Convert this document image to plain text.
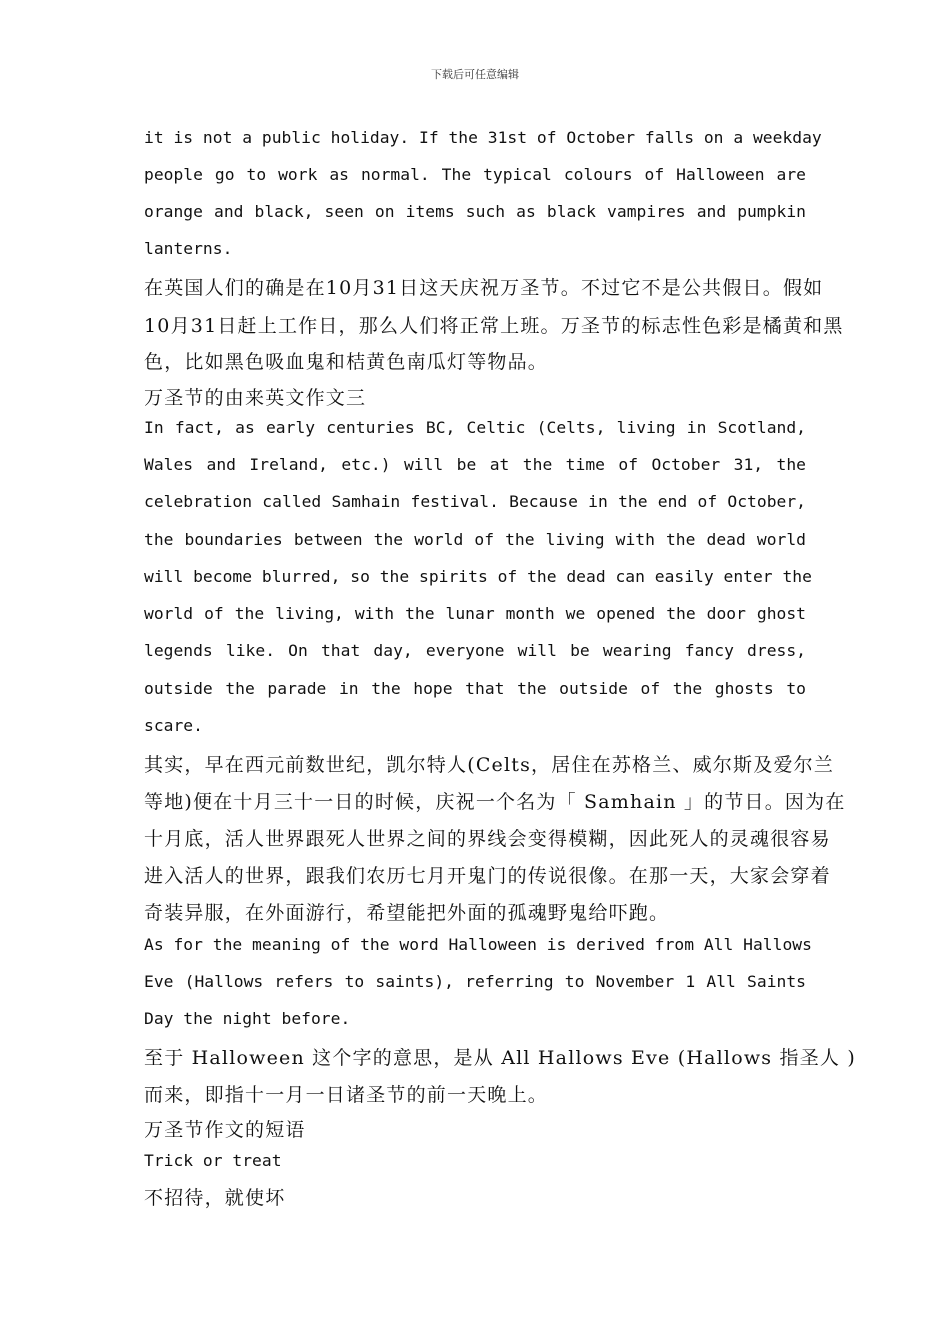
下载后可任意编辑
it is not a public holiday. If the 31st of October falls on a weekday
people go to work as normal. The typical colours of Halloween are
orange and black, seen on items such as black vampires and pumpkin
lanterns.
在英国人们的确是在10月31日这天庆祝万圣节。不过它不是公共假日。假如
10月31日赶上工作日，那么人们将正常上班。万圣节的标志性色彩是橘黄和黑
色，比如黑色吸血鬼和桔黄色南瓜灯等物品。
万圣节的由来英文作文三
In fact, as early centuries BC, Celtic (Celts, living in Scotland,
Wales and Ireland, etc.) will be at the time of October 31, the
celebration called Samhain festival. Because in the end of October,
the boundaries between the world of the living with the dead world
will become blurred, so the spirits of the dead can easily enter the
world of the living, with the lunar month we opened the door ghost
legends like. On that day, everyone will be wearing fancy dress,
outside the parade in the hope that the outside of the ghosts to
scare.
其实，早在西元前数世纪，凯尔特人(Celts，居住在苏格兰、威尔斯及爱尔兰
等地)便在十月三十一日的时候，庆祝一个名为「 Samhain 」的节日。因为在
十月底，活人世界跟死人世界之间的界线会变得模糊，因此死人的灵魂很容易
进入活人的世界，跟我们农历七月开鬼门的传说很像。在那一天，大家会穿着
奇装异服，在外面游行，希望能把外面的孤魂野鬼给吓跑。
As for the meaning of the word Halloween is derived from All Hallows
Eve (Hallows refers to saints), referring to November 1 All Saints
Day the night before.
至于 Halloween 这个字的意思，是从 All Hallows Eve (Hallows 指圣人 )
而来，即指十一月一日诸圣节的前一天晚上。
万圣节作文的短语
Trick or treat
不招待，就使坏
